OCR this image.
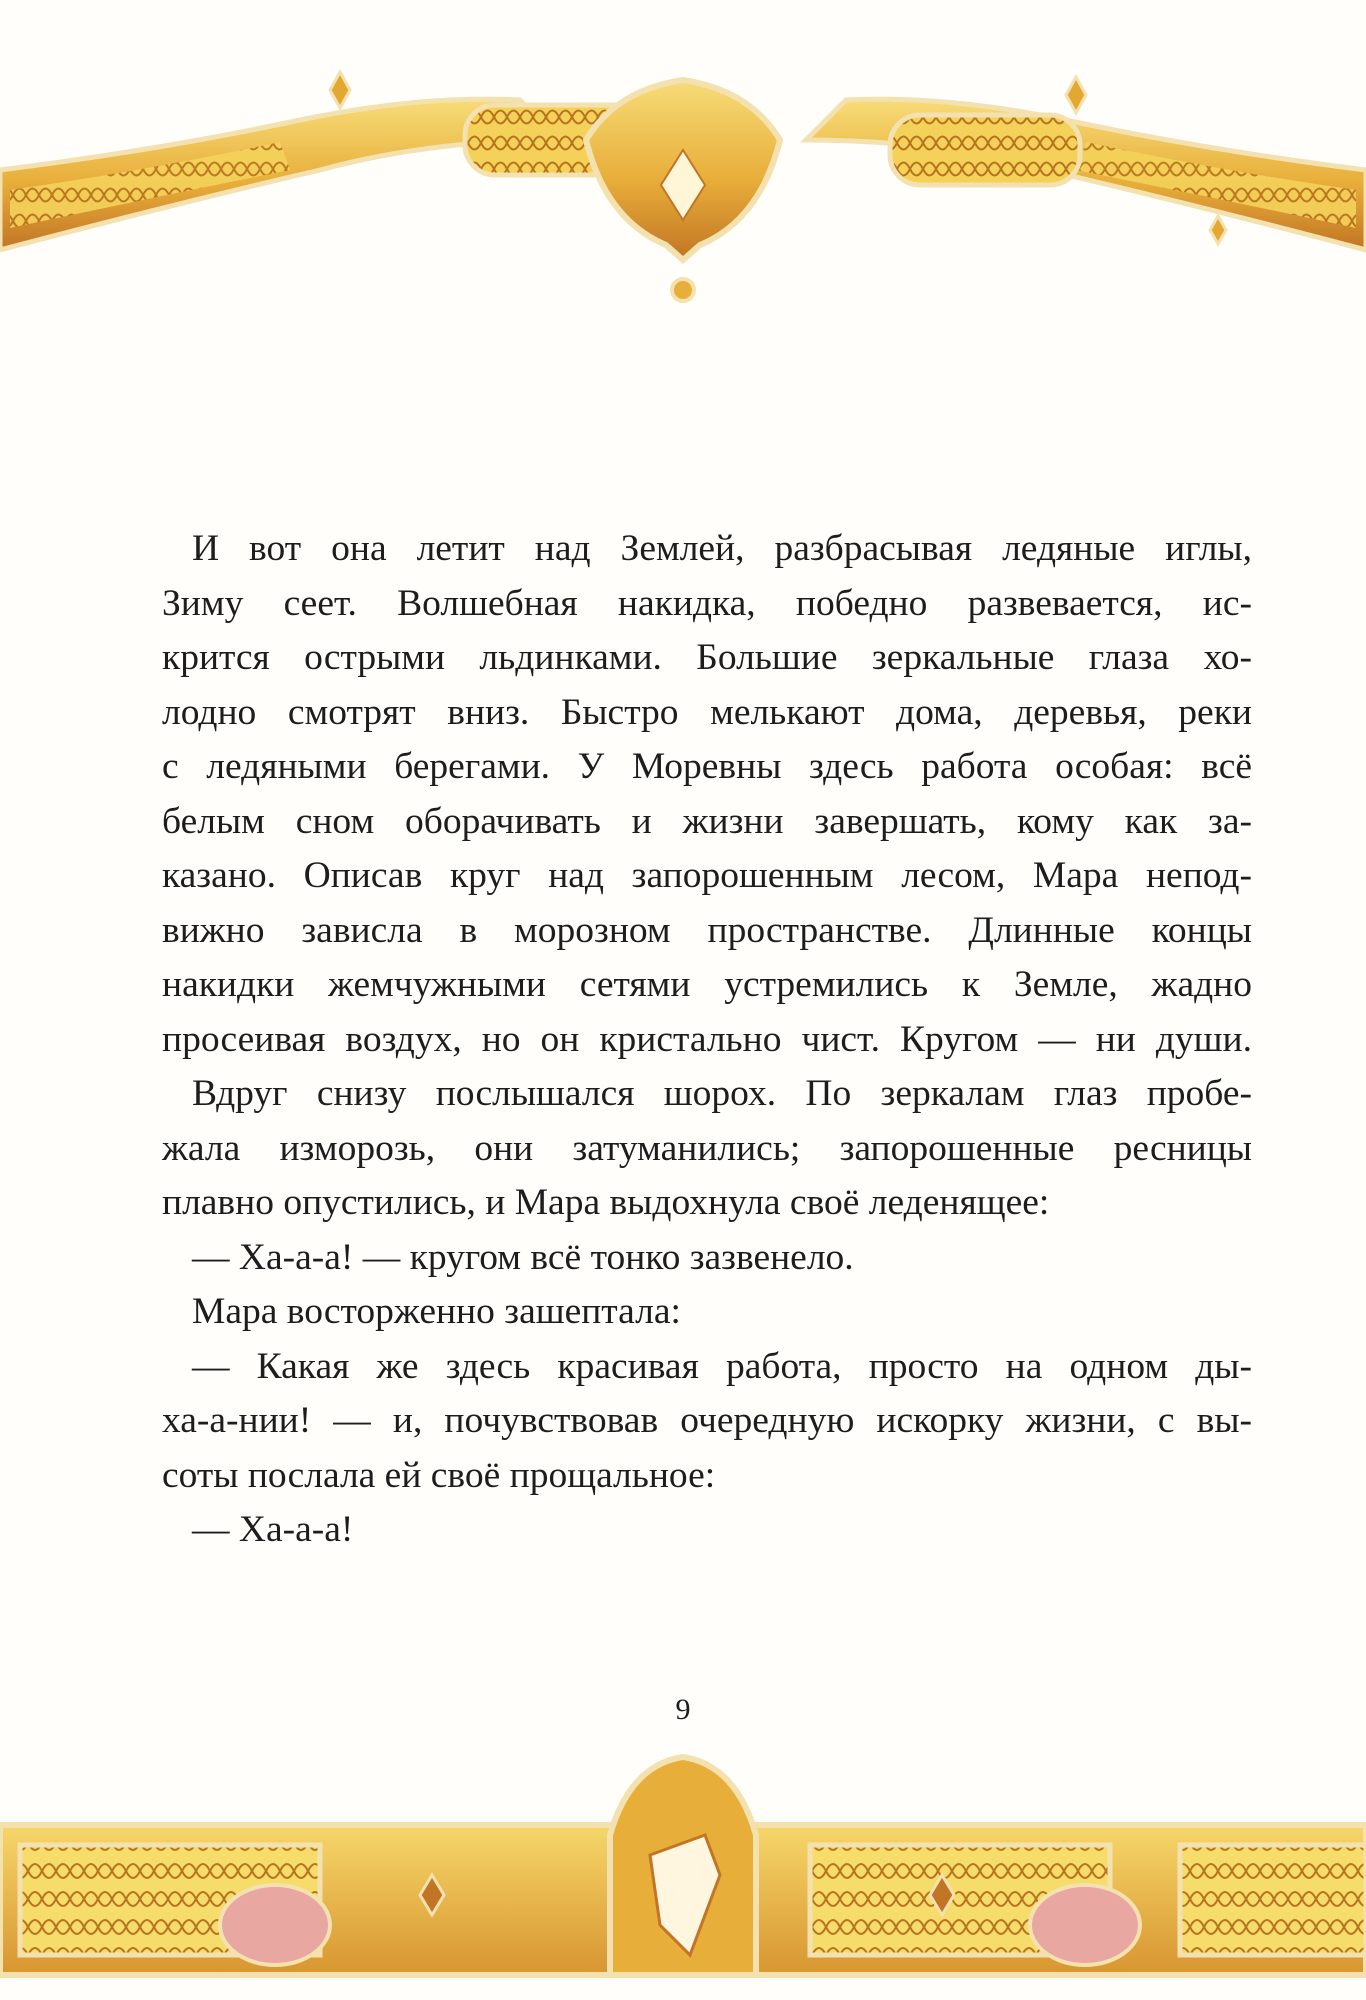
И вот она летит над Землей, разбрасывая ледяные иглы,
Зиму сеет. Волшебная накидка, победно развевается, ис-
крится острыми льдинками. Большие зеркальные глаза хо-
лодно смотрят вниз. Быстро мелькают дома, деревья, реки
с ледяными берегами. У Моревны здесь работа особая: всё
белым сном оборачивать и жизни завершать, кому как за-
казано. Описав круг над запорошенным лесом, Мара непод-
вижно зависла в морозном пространстве. Длинные концы
накидки жемчужными сетями устремились к Земле, жадно
просеивая воздух, но он кристально чист. Кругом — ни души.

Вдруг снизу послышался шорох. По зеркалам глаз пробе-
жала изморозь, они затуманились; запорошенные ресницы
плавно опустились, и Мара выдохнула своё леденящее:

— Ха-а-а! — кругом всё тонко зазвенело.

Мара восторженно зашептала:

— Какая же здесь красивая работа, просто на одном ды-
ха-а-нии! — и, почувствовав очередную искорку жизни, с вы-
соты послала ей своё прощальное:

— Ха-а-а!

9
